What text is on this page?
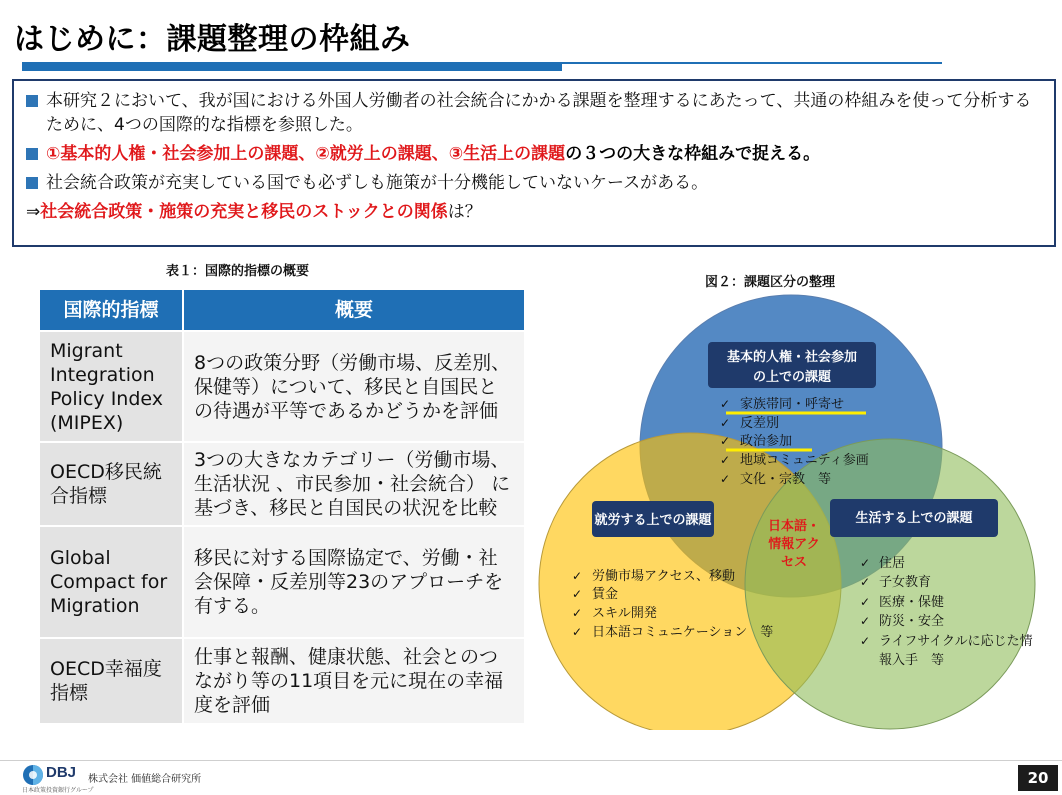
はじめに：課題整理の枠組み
本研究２において、我が国における外国人労働者の社会統合にかかる課題を整理するにあたって、共通の枠組みを使って分析するために、4つの国際的な指標を参照した。
①基本的人権・社会参加上の課題、②就労上の課題、③生活上の課題の３つの大きな枠組みで捉える。
社会統合政策が充実している国でも必ずしも施策が十分機能していないケースがある。
⇒社会統合政策・施策の充実と移民のストックとの関係は？
表１：国際的指標の概要
国際的指標	概要
Migrant Integration Policy Index (MIPEX)	8つの政策分野（労働市場、反差別、保健等）について、移民と自国民との待遇が平等であるかどうかを評価
OECD移民統合指標	3つの大きなカテゴリー（労働市場、生活状況 、市民参加・社会統合） に基づき、移民と自国民の状況を比較
Global Compact for Migration	移民に対する国際協定で、労働・社会保障・反差別等23のアプローチを有する。
OECD幸福度指標	仕事と報酬、健康状態、社会とのつながり等の11項目を元に現在の幸福度を評価
図２：課題区分の整理
基本的人権・社会参加
の上での課題
✓ 家族帯同・呼寄せ
✓ 反差別
✓ 政治参加
✓ 地域コミュニティ参画
✓ 文化・宗教　等
就労する上での課題	生活する上での課題
日本語・
情報アク
セス
✓ 労働市場アクセス、移動
✓ 賃金
✓ スキル開発
✓ 日本語コミュニケーション　等
✓ 住居
✓ 子女教育
✓ 医療・保健
✓ 防災・安全
✓ ライフサイクルに応じた情
報入手　等
DBJ
日本政策投資銀行グループ
株式会社 価値総合研究所	20
